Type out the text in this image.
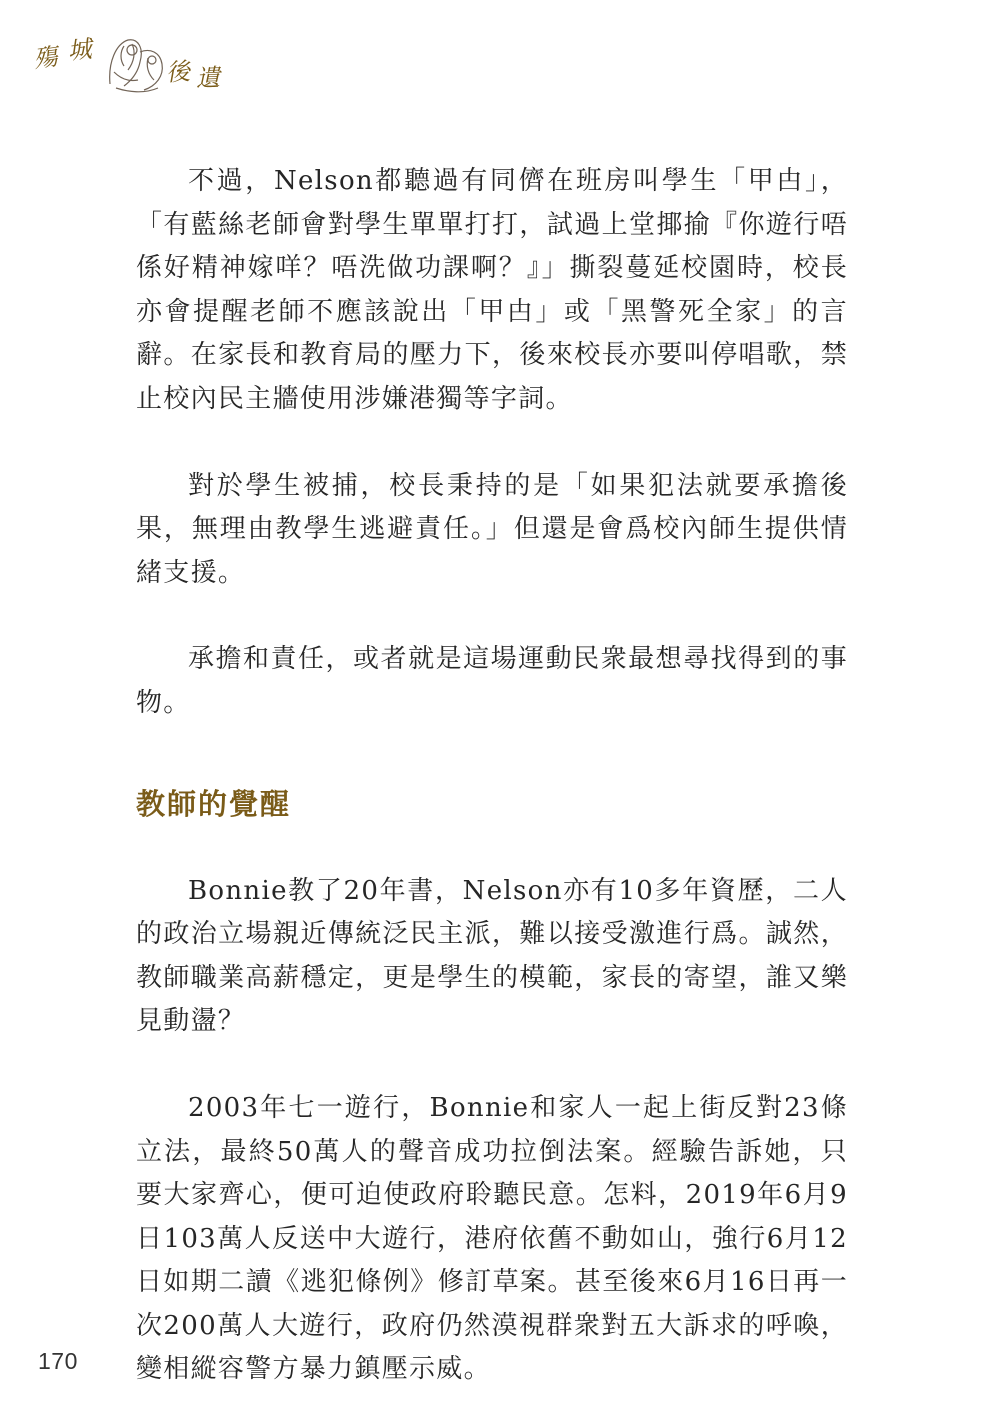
殤 城
後 遺

不過，Nelson都聽過有同儕在班房叫學生「甲甴」，「有藍絲老師會對學生單單打打，試過上堂揶揄『你遊行唔係好精神嫁咩？唔洗做功課啊？』」撕裂蔓延校園時，校長亦會提醒老師不應該說出「甲甴」或「黑警死全家」的言辭。在家長和教育局的壓力下，後來校長亦要叫停唱歌，禁止校內民主牆使用涉嫌港獨等字詞。

對於學生被捕，校長秉持的是「如果犯法就要承擔後果，無理由教學生逃避責任。」但還是會爲校內師生提供情緒支援。

承擔和責任，或者就是這場運動民衆最想尋找得到的事物。

教師的覺醒

Bonnie教了20年書，Nelson亦有10多年資歷，二人的政治立場親近傳統泛民主派，難以接受激進行爲。誠然，教師職業高薪穩定，更是學生的模範，家長的寄望，誰又樂見動盪？

2003年七一遊行，Bonnie和家人一起上街反對23條立法，最終50萬人的聲音成功拉倒法案。經驗告訴她，只要大家齊心，便可迫使政府聆聽民意。怎料，2019年6月9日103萬人反送中大遊行，港府依舊不動如山，強行6月12日如期二讀《逃犯條例》修訂草案。甚至後來6月16日再一次200萬人大遊行，政府仍然漠視群衆對五大訴求的呼喚，變相縱容警方暴力鎮壓示威。

170
